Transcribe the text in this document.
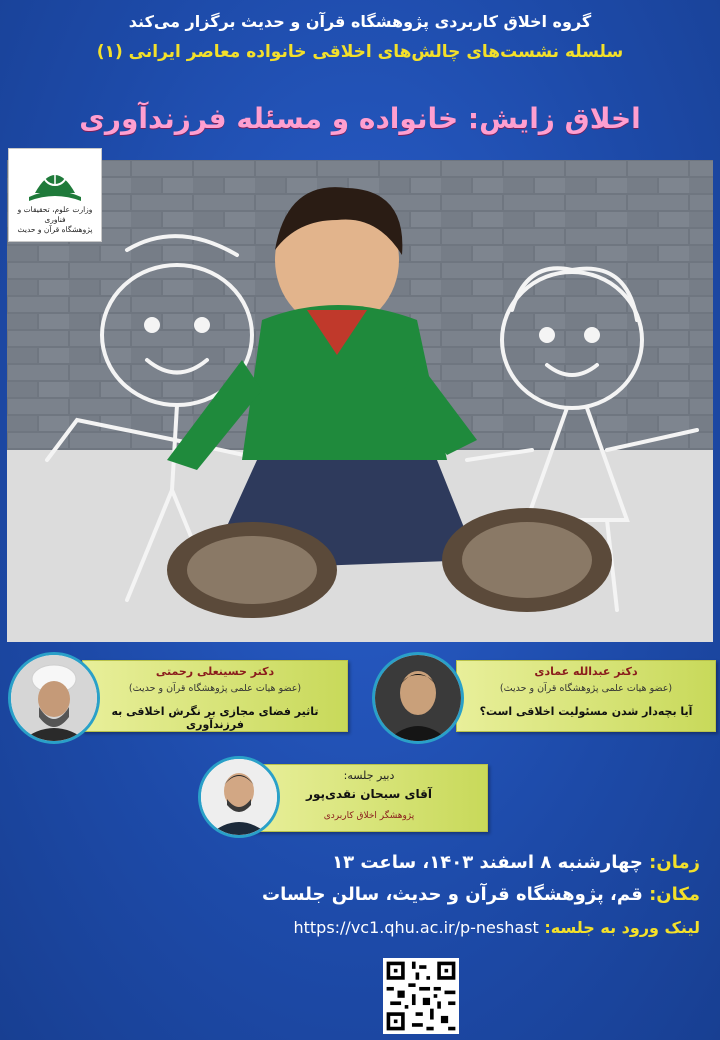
گروه اخلاق کاربردی پژوهشگاه قرآن و حدیث برگزار می‌کند
سلسله نشست‌های چالش‌های اخلاقی خانواده معاصر ایرانی (۱)
اخلاق زایش: خانواده و مسئله فرزندآوری
وزارت علوم، تحقیقات و فناوری
پژوهشگاه قرآن و حدیث
دکتر عبدالله عمادی
(عضو هیات علمی پژوهشگاه قرآن و حدیث)
آیا بچه‌دار شدن مسئولیت اخلاقی است؟
دکتر حسینعلی رحمتی
(عضو هیات علمی پژوهشگاه قرآن و حدیث)
تاثیر فضای مجازی بر نگرش اخلاقی به فرزندآوری
دبیر جلسه:
آقای سبحان نقدی‌پور
پژوهشگر اخلاق کاربردی
زمان: چهارشنبه ۸ اسفند ۱۴۰۳، ساعت ۱۳
مکان: قم، پژوهشگاه قرآن و حدیث، سالن جلسات
لینک ورود به جلسه: https://vc1.qhu.ac.ir/p-neshast
